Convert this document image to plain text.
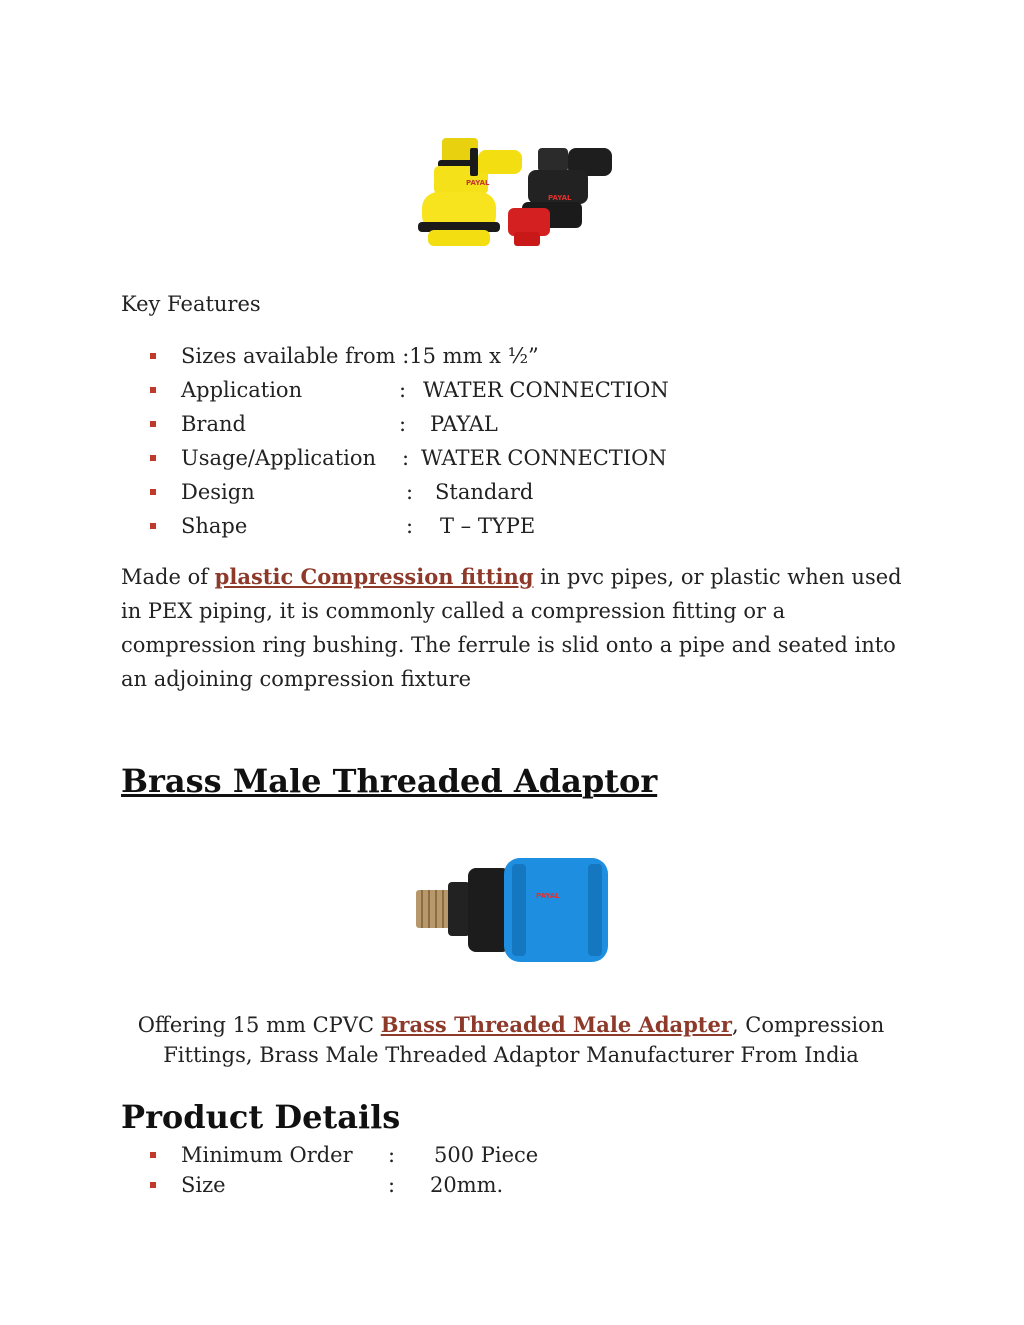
PAYAL
PAYAL
Key Features
Sizes available from :15 mm x ½”
Application	: WATER CONNECTION
Brand	: PAYAL
Usage/Application : WATER CONNECTION
Design	: Standard
Shape	: T – TYPE
Made of plastic Compression fitting in pvc pipes, or plastic when used in PEX piping, it is commonly called a compression fitting or a compression ring bushing. The ferrule is slid onto a pipe and seated into an adjoining compression fixture
Brass Male Threaded Adaptor
PAYAL
Offering 15 mm CPVC Brass Threaded Male Adapter, Compression Fittings, Brass Male Threaded Adaptor Manufacturer From India
Product Details
Minimum Order : 500 Piece
Size	: 20mm.
